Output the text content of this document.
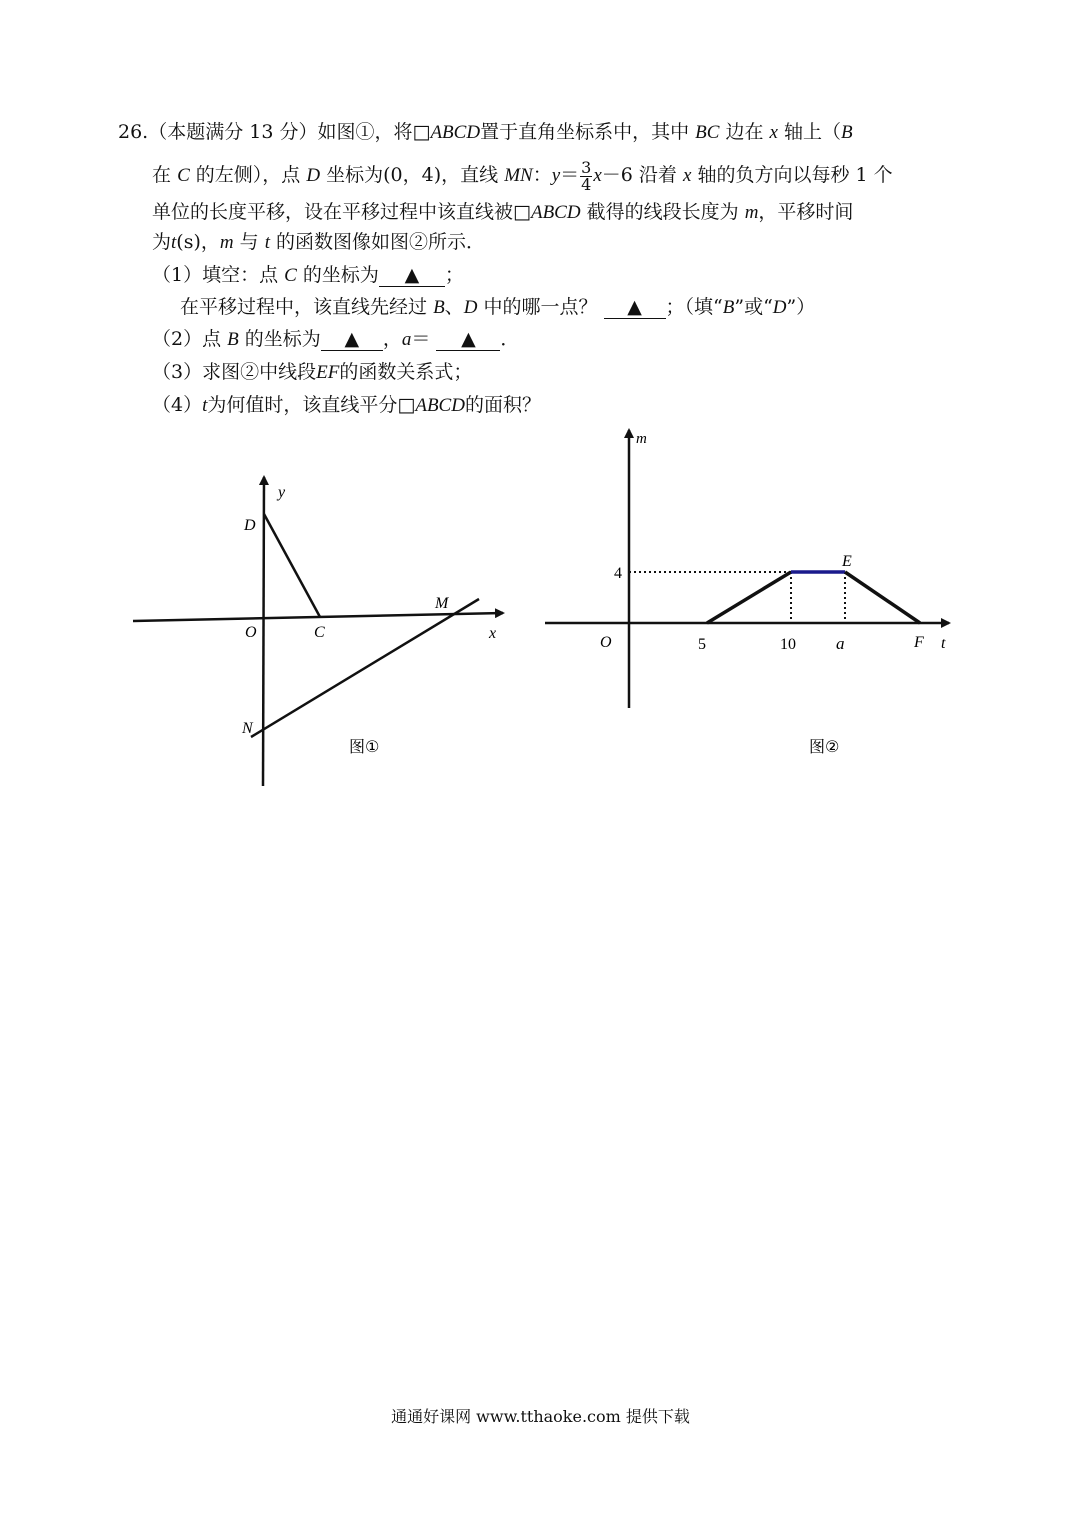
26.（本题满分 13 分）如图①，将□ABCD置于直角坐标系中，其中 BC 边在 x 轴上（B
在 C 的左侧），点 D 坐标为(0，4)，直线 MN：$y= \frac{3}{4} x-6$ 沿着 x 轴的负方向以每秒 1 个
单位的长度平移，设在平移过程中该直线被□ABCD 截得的线段长度为 m，平移时间
为t(s)，m 与 t 的函数图像如图②所示．
（1）填空：点 C 的坐标为 ▲ ；
在平移过程中，该直线先经过 B、D 中的哪一点？ ▲ ；（填“B”或“D”）
（2）点 B 的坐标为 ▲ ，a＝ ▲ ．
（3）求图②中线段EF的函数关系式；
（4）t为何值时，该直线平分□ABCD的面积？
y
x
D
O	C
M
N
图①
m
t
O
4
5	10 a
E
F
图②
通通好课网 www.tthaoke.com 提供下载
